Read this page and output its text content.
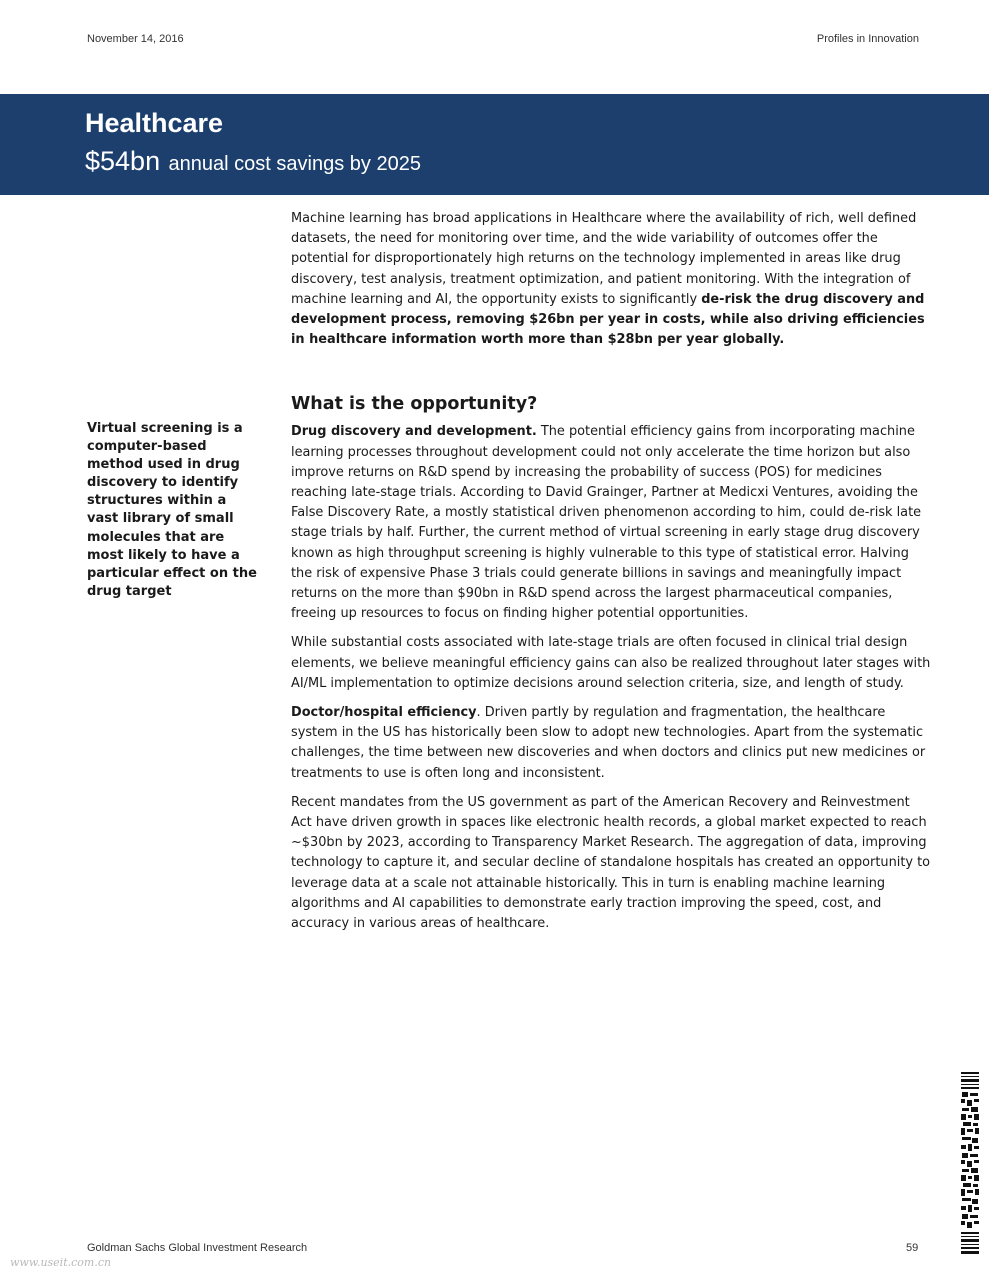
November 14, 2016	Profiles in Innovation
Healthcare
$54bn annual cost savings by 2025

Machine learning has broad applications in Healthcare where the availability of rich, well defined datasets, the need for monitoring over time, and the wide variability of outcomes offer the potential for disproportionately high returns on the technology implemented in areas like drug discovery, test analysis, treatment optimization, and patient monitoring. With the integration of machine learning and AI, the opportunity exists to significantly de-risk the drug discovery and development process, removing $26bn per year in costs, while also driving efficiencies in healthcare information worth more than $28bn per year globally.

What is the opportunity?

Drug discovery and development. The potential efficiency gains from incorporating machine learning processes throughout development could not only accelerate the time horizon but also improve returns on R&D spend by increasing the probability of success (POS) for medicines reaching late-stage trials. According to David Grainger, Partner at Medicxi Ventures, avoiding the False Discovery Rate, a mostly statistical driven phenomenon according to him, could de-risk late stage trials by half. Further, the current method of virtual screening in early stage drug discovery known as high throughput screening is highly vulnerable to this type of statistical error. Halving the risk of expensive Phase 3 trials could generate billions in savings and meaningfully impact returns on the more than $90bn in R&D spend across the largest pharmaceutical companies, freeing up resources to focus on finding higher potential opportunities.

While substantial costs associated with late-stage trials are often focused in clinical trial design elements, we believe meaningful efficiency gains can also be realized throughout later stages with AI/ML implementation to optimize decisions around selection criteria, size, and length of study.

Doctor/hospital efficiency. Driven partly by regulation and fragmentation, the healthcare system in the US has historically been slow to adopt new technologies. Apart from the systematic challenges, the time between new discoveries and when doctors and clinics put new medicines or treatments to use is often long and inconsistent.

Recent mandates from the US government as part of the American Recovery and Reinvestment Act have driven growth in spaces like electronic health records, a global market expected to reach ~$30bn by 2023, according to Transparency Market Research. The aggregation of data, improving technology to capture it, and secular decline of standalone hospitals has created an opportunity to leverage data at a scale not attainable historically. This in turn is enabling machine learning algorithms and AI capabilities to demonstrate early traction improving the speed, cost, and accuracy in various areas of healthcare.

Virtual screening is a computer-based method used in drug discovery to identify structures within a vast library of small molecules that are most likely to have a particular effect on the drug target
Goldman Sachs Global Investment Research	59
www.useit.com.cn
